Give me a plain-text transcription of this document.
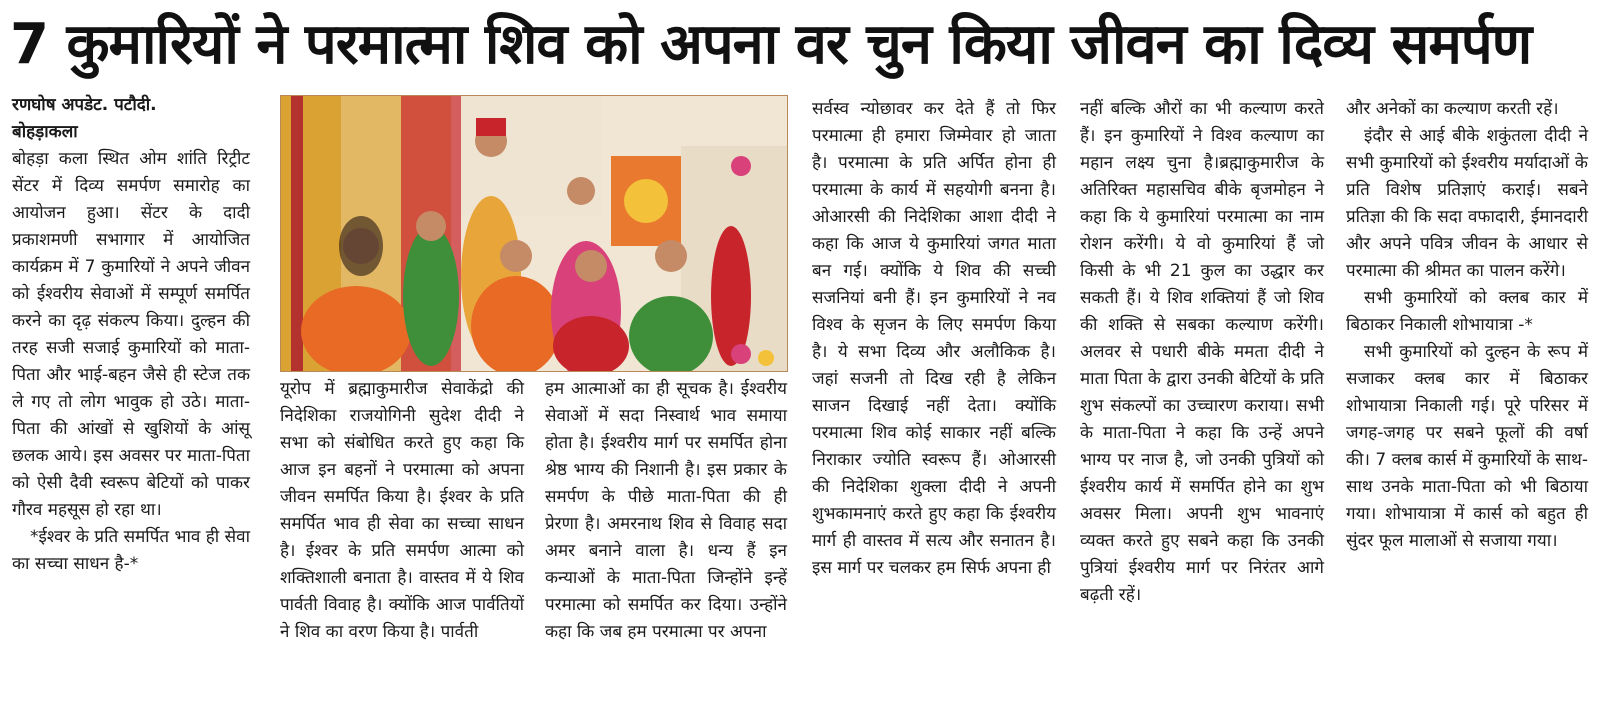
7 कुमारियों ने परमात्मा शिव को अपना वर चुन किया जीवन का दिव्य समर्पण
रणघोष अपडेट. पटौदी.
बोहड़ाकला

बोहड़ा कला स्थित ओम शांति रिट्रीट सेंटर में दिव्य समर्पण समारोह का आयोजन हुआ। सेंटर के दादी प्रकाशमणी सभागार में आयोजित कार्यक्रम में 7 कुमारियों ने अपने जीवन को ईश्वरीय सेवाओं में सम्पूर्ण समर्पित करने का दृढ़ संकल्प किया। दुल्हन की तरह सजी सजाई कुमारियों को माता-पिता और भाई-बहन जैसे ही स्टेज तक ले गए तो लोग भावुक हो उठे। माता-पिता की आंखों से खुशियों के आंसू छलक आये। इस अवसर पर माता-पिता को ऐसी दैवी स्वरूप बेटियों को पाकर गौरव महसूस हो रहा था।

*ईश्वर के प्रति समर्पित भाव ही सेवा का सच्चा साधन है-*

यूरोप में ब्रह्माकुमारीज सेवाकेंद्रो की निदेशिका राजयोगिनी सुदेश दीदी ने सभा को संबोधित करते हुए कहा कि आज इन बहनों ने परमात्मा को अपना जीवन समर्पित किया है। ईश्वर के प्रति समर्पित भाव ही सेवा का सच्चा साधन है। ईश्वर के प्रति समर्पण आत्मा को शक्तिशाली बनाता है। वास्तव में ये शिव पार्वती विवाह है। क्योंकि आज पार्वतियों ने शिव का वरण किया है। पार्वती

हम आत्माओं का ही सूचक है। ईश्वरीय सेवाओं में सदा निस्वार्थ भाव समाया होता है। ईश्वरीय मार्ग पर समर्पित होना श्रेष्ठ भाग्य की निशानी है। इस प्रकार के समर्पण के पीछे माता-पिता की ही प्रेरणा है। अमरनाथ शिव से विवाह सदा अमर बनाने वाला है। धन्य हैं इन कन्याओं के माता-पिता जिन्होंने इन्हें परमात्मा को समर्पित कर दिया। उन्होंने कहा कि जब हम परमात्मा पर अपना

सर्वस्व न्योछावर कर देते हैं तो फिर परमात्मा ही हमारा जिम्मेवार हो जाता है। परमात्मा के प्रति अर्पित होना ही परमात्मा के कार्य में सहयोगी बनना है। ओआरसी की निदेशिका आशा दीदी ने कहा कि आज ये कुमारियां जगत माता बन गई। क्योंकि ये शिव की सच्ची सजनियां बनी हैं। इन कुमारियों ने नव विश्व के सृजन के लिए समर्पण किया है। ये सभा दिव्य और अलौकिक है। जहां सजनी तो दिख रही है लेकिन साजन दिखाई नहीं देता। क्योंकि परमात्मा शिव कोई साकार नहीं बल्कि निराकार ज्योति स्वरूप हैं। ओआरसी की निदेशिका शुक्ला दीदी ने अपनी शुभकामनाएं करते हुए कहा कि ईश्वरीय मार्ग ही वास्तव में सत्य और सनातन है। इस मार्ग पर चलकर हम सिर्फ अपना ही

नहीं बल्कि औरों का भी कल्याण करते हैं। इन कुमारियों ने विश्व कल्याण का महान लक्ष्य चुना है।ब्रह्माकुमारीज के अतिरिक्त महासचिव बीके बृजमोहन ने कहा कि ये कुमारियां परमात्मा का नाम रोशन करेंगी। ये वो कुमारियां हैं जो किसी के भी 21 कुल का उद्धार कर सकती हैं। ये शिव शक्तियां हैं जो शिव की शक्ति से सबका कल्याण करेंगी। अलवर से पधारी बीके ममता दीदी ने माता पिता के द्वारा उनकी बेटियों के प्रति शुभ संकल्पों का उच्चारण कराया। सभी के माता-पिता ने कहा कि उन्हें अपने भाग्य पर नाज है, जो उनकी पुत्रियों को ईश्वरीय कार्य में समर्पित होने का शुभ अवसर मिला। अपनी शुभ भावनाएं व्यक्त करते हुए सबने कहा कि उनकी पुत्रियां ईश्वरीय मार्ग पर निरंतर आगे बढ़ती रहें।

और अनेकों का कल्याण करती रहें।

इंदौर से आई बीके शकुंतला दीदी ने सभी कुमारियों को ईश्वरीय मर्यादाओं के प्रति विशेष प्रतिज्ञाएं कराई। सबने प्रतिज्ञा की कि सदा वफादारी, ईमानदारी और अपने पवित्र जीवन के आधार से परमात्मा की श्रीमत का पालन करेंगे।

सभी कुमारियों को क्लब कार में बिठाकर निकाली शोभायात्रा -*

सभी कुमारियों को दुल्हन के रूप में सजाकर क्लब कार में बिठाकर शोभायात्रा निकाली गई। पूरे परिसर में जगह-जगह पर सबने फूलों की वर्षा की। 7 क्लब कार्स में कुमारियों के साथ-साथ उनके माता-पिता को भी बिठाया गया। शोभायात्रा में कार्स को बहुत ही सुंदर फूल मालाओं से सजाया गया।
